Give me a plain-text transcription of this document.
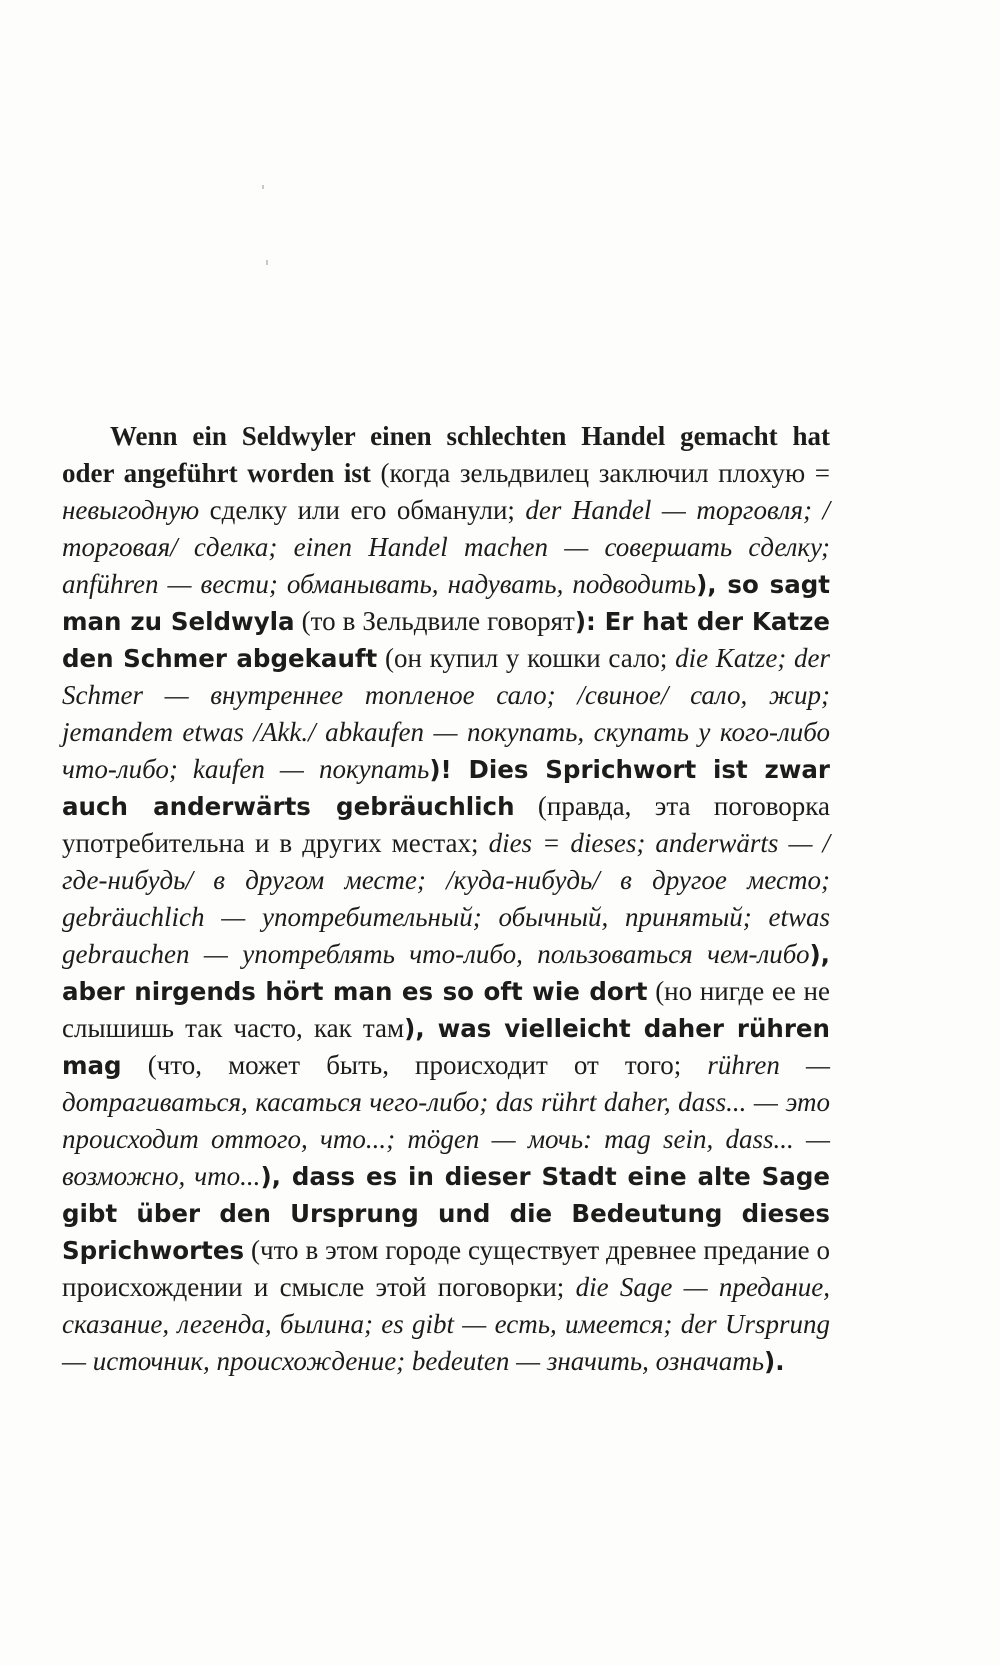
Wenn ein Seldwyler einen schlechten Handel gemacht hat oder angeführt worden ist (когда зельдвилец заключил плохую = невыгодную сделку или его обманули; der Handel — торговля; /торговая/ сделка; einen Handel machen — совершать сделку; anführen — вести; обманывать, надувать, подводить), so sagt man zu Seldwyla (то в Зельдвиле говорят): Er hat der Katze den Schmer abgekauft (он купил у кошки сало; die Katze; der Schmer — внутреннее топленое сало; /свиное/ сало, жир; jemandem etwas /Akk./ abkaufen — покупать, скупать у кого-либо что-либо; kaufen — покупать)! Dies Sprichwort ist zwar auch anderwärts gebräuchlich (правда, эта поговорка употребительна и в других местах; dies = dieses; anderwärts — /где-нибудь/ в другом месте; /куда-нибудь/ в другое место; gebräuchlich — употребительный; обычный, принятый; etwas gebrauchen — употреблять что-либо, пользоваться чем-либо), aber nirgends hört man es so oft wie dort (но нигде ее не слышишь так часто, как там), was vielleicht daher rühren mag (что, может быть, происходит от того; rühren — дотрагиваться, касаться чего-либо; das rührt daher, dass... — это происходит оттого, что...; mögen — мочь: mag sein, dass... — возможно, что...), dass es in dieser Stadt eine alte Sage gibt über den Ursprung und die Bedeutung dieses Sprichwortes (что в этом городе существует древнее предание о происхождении и смысле этой поговорки; die Sage — предание, сказание, легенда, былина; es gibt — есть, имеется; der Ursprung — источник, происхождение; bedeuten — значить, означать).
